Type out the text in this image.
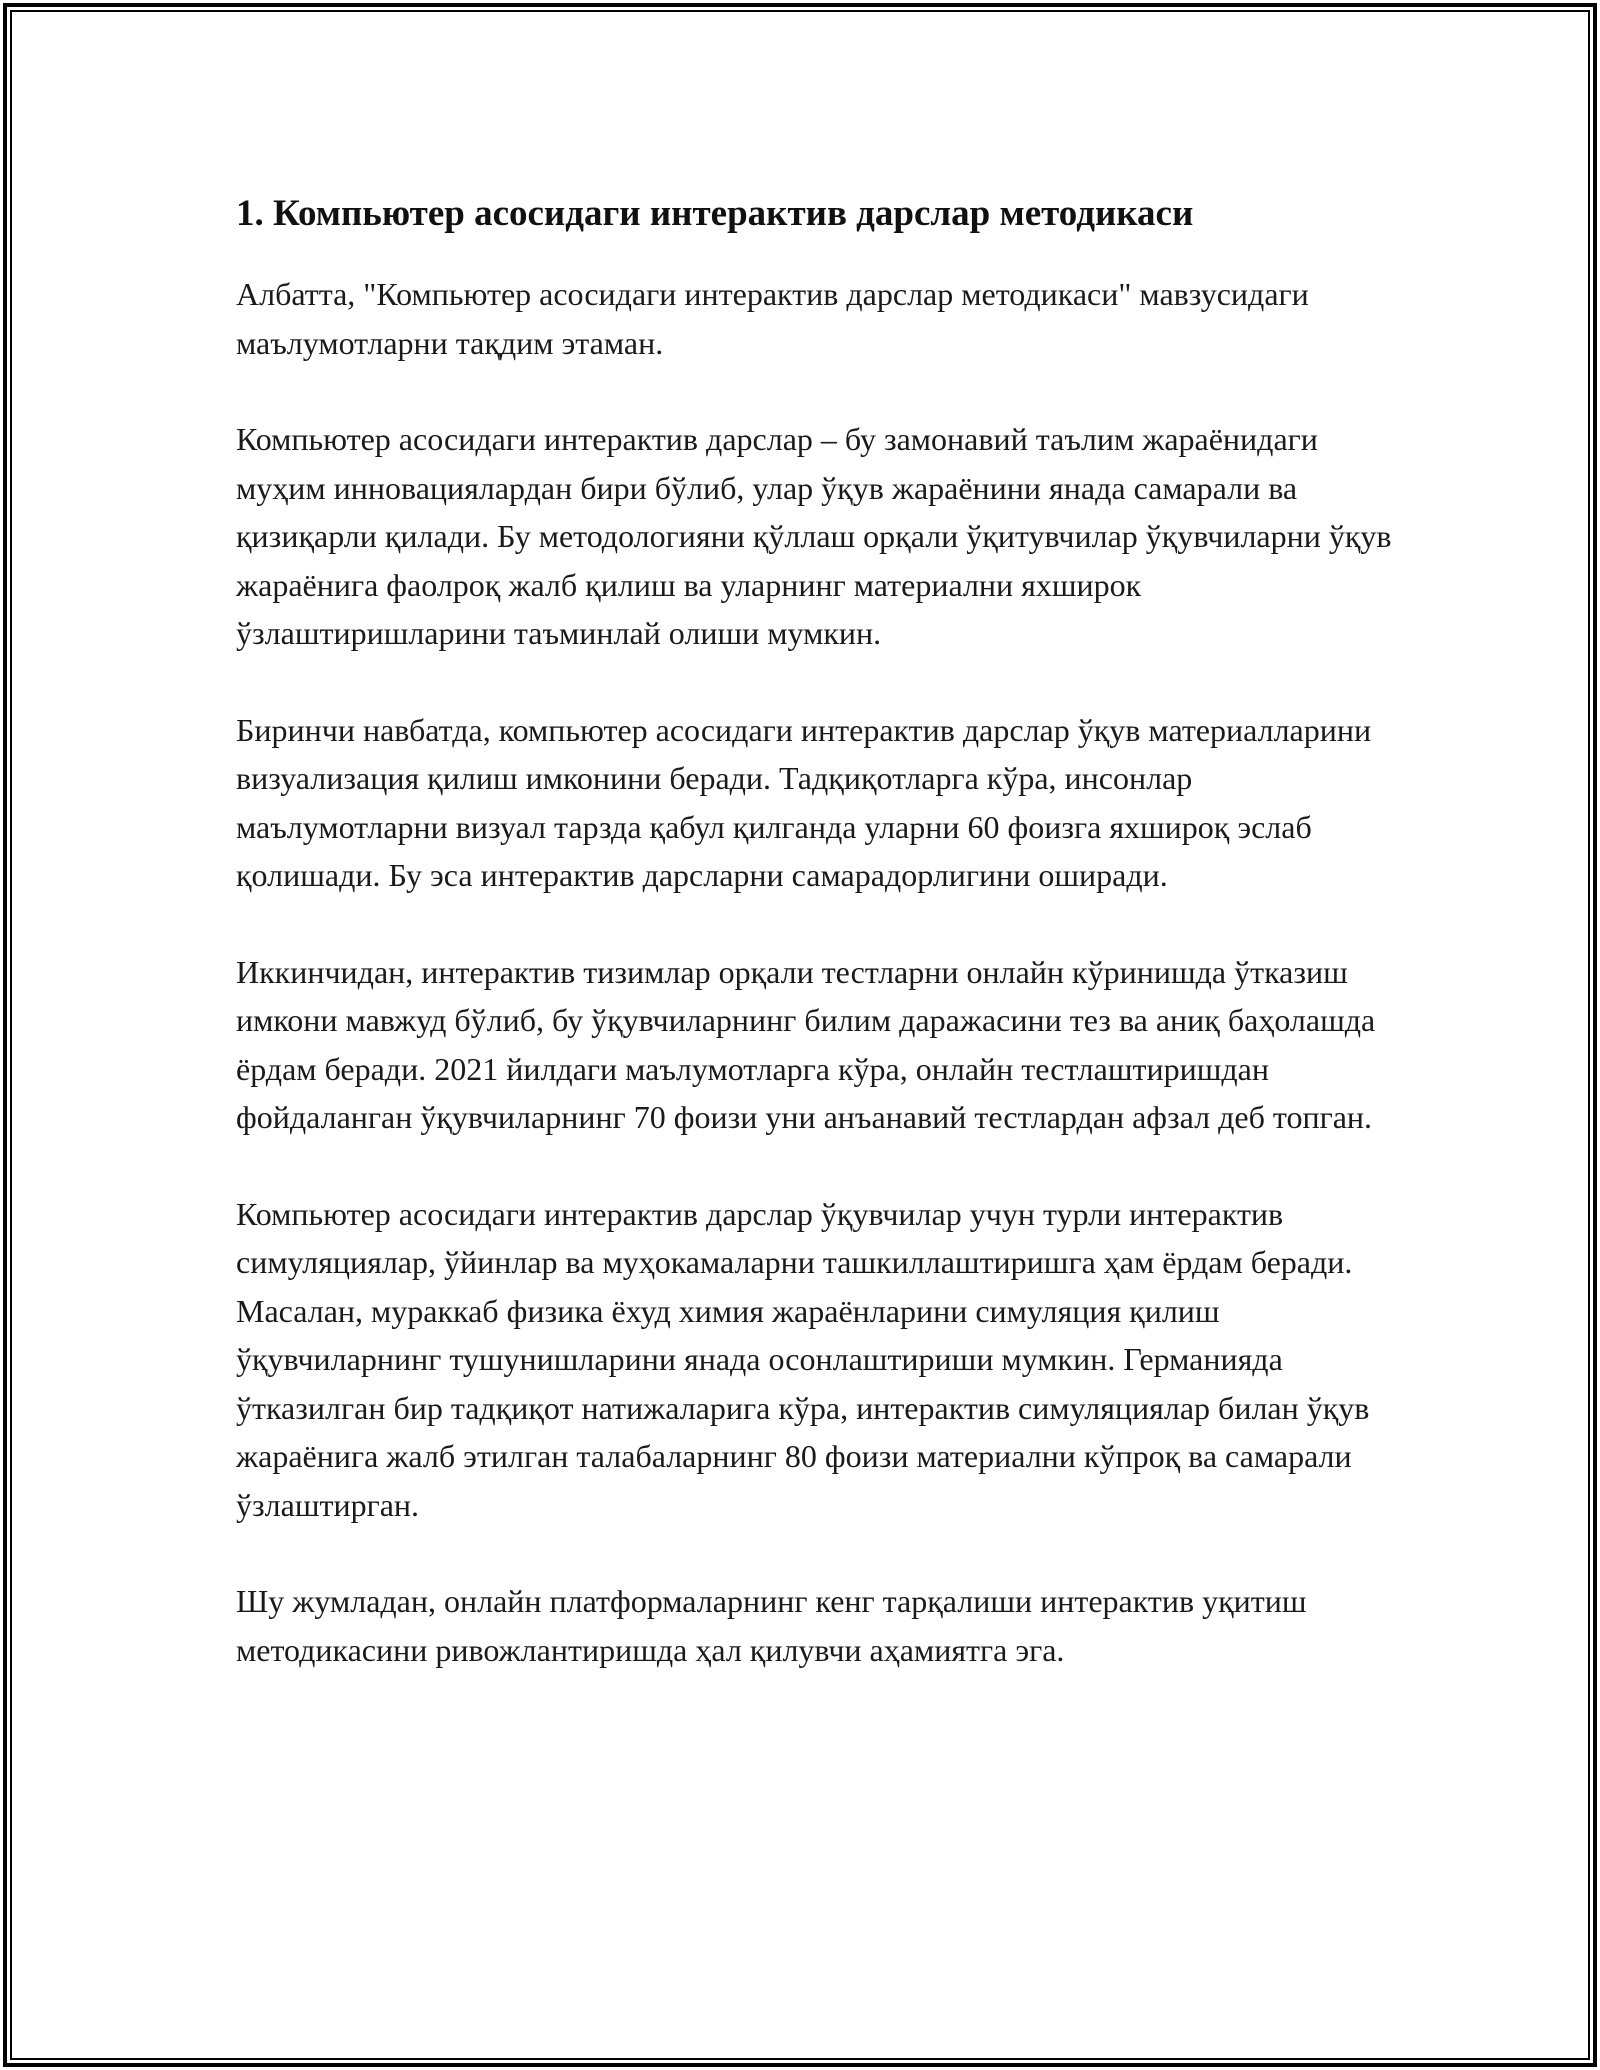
1. Компьютер асосидаги интерактив дарслар методикаси

Албатта, "Компьютер асосидаги интерактив дарслар методикаси" мавзусидаги маълумотларни тақдим этаман.

Компьютер асосидаги интерактив дарслар – бу замонавий таълим жараёнидаги муҳим инновациялардан бири бўлиб, улар ўқув жараёнини янада самарали ва қизиқарли қилади. Бу методологияни қўллаш орқали ўқитувчилар ўқувчиларни ўқув жараёнига фаолроқ жалб қилиш ва уларнинг материални яхширок ўзлаштиришларини таъминлай олиши мумкин.

Биринчи навбатда, компьютер асосидаги интерактив дарслар ўқув материалларини визуализация қилиш имконини беради. Тадқиқотларга кўра, инсонлар маълумотларни визуал тарзда қабул қилганда уларни 60 фоизга яхшироқ эслаб қолишади. Бу эса интерактив дарсларни самарадорлигини оширади.

Иккинчидан, интерактив тизимлар орқали тестларни онлайн кўринишда ўтказиш имкони мавжуд бўлиб, бу ўқувчиларнинг билим даражасини тез ва аниқ баҳолашда ёрдам беради. 2021 йилдаги маълумотларга кўра, онлайн тестлаштиришдан фойдаланган ўқувчиларнинг 70 фоизи уни анъанавий тестлардан афзал деб топган.

Компьютер асосидаги интерактив дарслар ўқувчилар учун турли интерактив симуляциялар, ўйинлар ва муҳокамаларни ташкиллаштиришга ҳам ёрдам беради. Масалан, мураккаб физика ёхуд химия жараёнларини симуляция қилиш ўқувчиларнинг тушунишларини янада осонлаштириши мумкин. Германияда ўтказилган бир тадқиқот натижаларига кўра, интерактив симуляциялар билан ўқув жараёнига жалб этилган талабаларнинг 80 фоизи материални кўпроқ ва самарали ўзлаштирган.

Шу жумладан, онлайн платформаларнинг кенг тарқалиши интерактив уқитиш методикасини ривожлантиришда ҳал қилувчи аҳамиятга эга.
